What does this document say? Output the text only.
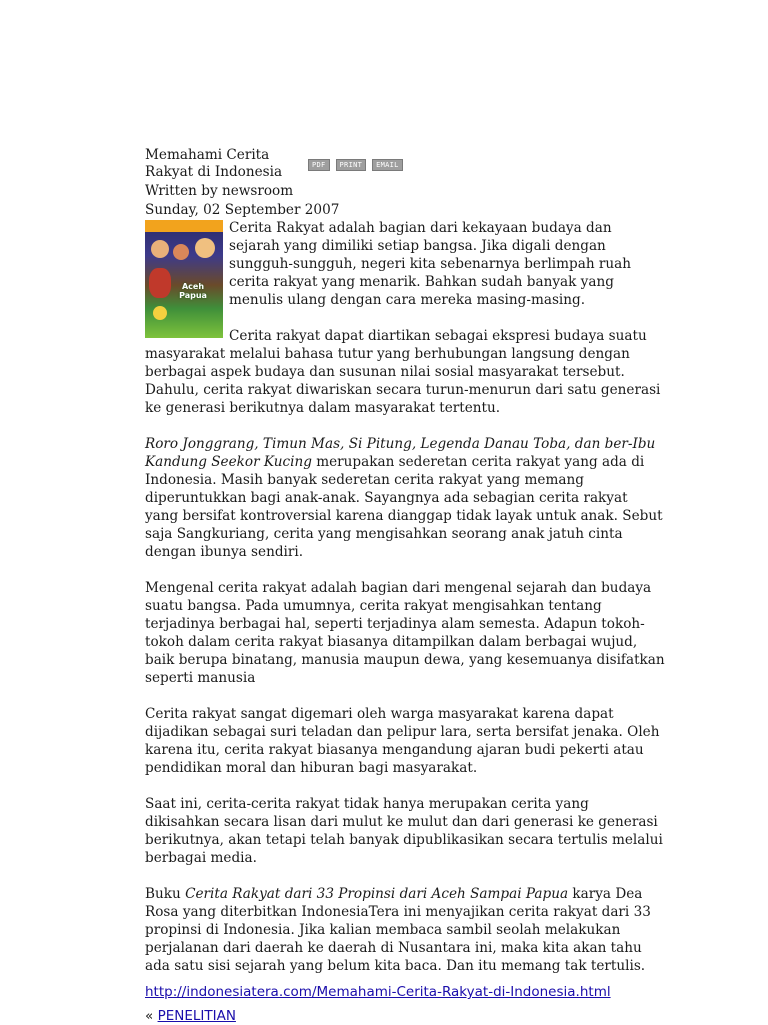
Memahami Cerita Rakyat di Indonesia	PDF	PRINT	EMAIL
Written by newsroom
Sunday, 02 September 2007
Aceh Papua

Cerita Rakyat adalah bagian dari kekayaan budaya dan sejarah yang dimiliki setiap bangsa. Jika digali dengan sungguh-sungguh, negeri kita sebenarnya berlimpah ruah cerita rakyat yang menarik. Bahkan sudah banyak yang menulis ulang dengan cara mereka masing-masing.

Cerita rakyat dapat diartikan sebagai ekspresi budaya suatu masyarakat melalui bahasa tutur yang berhubungan langsung dengan berbagai aspek budaya dan susunan nilai sosial masyarakat tersebut. Dahulu, cerita rakyat diwariskan secara turun-menurun dari satu generasi ke generasi berikutnya dalam masyarakat tertentu.

Roro Jonggrang, Timun Mas, Si Pitung, Legenda Danau Toba, dan ber-Ibu Kandung Seekor Kucing merupakan sederetan cerita rakyat yang ada di Indonesia. Masih banyak sederetan cerita rakyat yang memang diperuntukkan bagi anak-anak. Sayangnya ada sebagian cerita rakyat yang bersifat kontroversial karena dianggap tidak layak untuk anak. Sebut saja Sangkuriang, cerita yang mengisahkan seorang anak jatuh cinta dengan ibunya sendiri.

Mengenal cerita rakyat adalah bagian dari mengenal sejarah dan budaya suatu bangsa. Pada umumnya, cerita rakyat mengisahkan tentang terjadinya berbagai hal, seperti terjadinya alam semesta. Adapun tokoh-tokoh dalam cerita rakyat biasanya ditampilkan dalam berbagai wujud, baik berupa binatang, manusia maupun dewa, yang kesemuanya disifatkan seperti manusia

Cerita rakyat sangat digemari oleh warga masyarakat karena dapat dijadikan sebagai suri teladan dan pelipur lara, serta bersifat jenaka. Oleh karena itu, cerita rakyat biasanya mengandung ajaran budi pekerti atau pendidikan moral dan hiburan bagi masyarakat.

Saat ini, cerita-cerita rakyat tidak hanya merupakan cerita yang dikisahkan secara lisan dari mulut ke mulut dan dari generasi ke generasi berikutnya, akan tetapi telah banyak dipublikasikan secara tertulis melalui berbagai media.

Buku Cerita Rakyat dari 33 Propinsi dari Aceh Sampai Papua karya Dea Rosa yang diterbitkan IndonesiaTera ini menyajikan cerita rakyat dari 33 propinsi di Indonesia. Jika kalian membaca sambil seolah melakukan perjalanan dari daerah ke daerah di Nusantara ini, maka kita akan tahu ada satu sisi sejarah yang belum kita baca. Dan itu memang tak tertulis.

http://indonesiatera.com/Memahami-Cerita-Rakyat-di-Indonesia.html
« PENELITIAN
